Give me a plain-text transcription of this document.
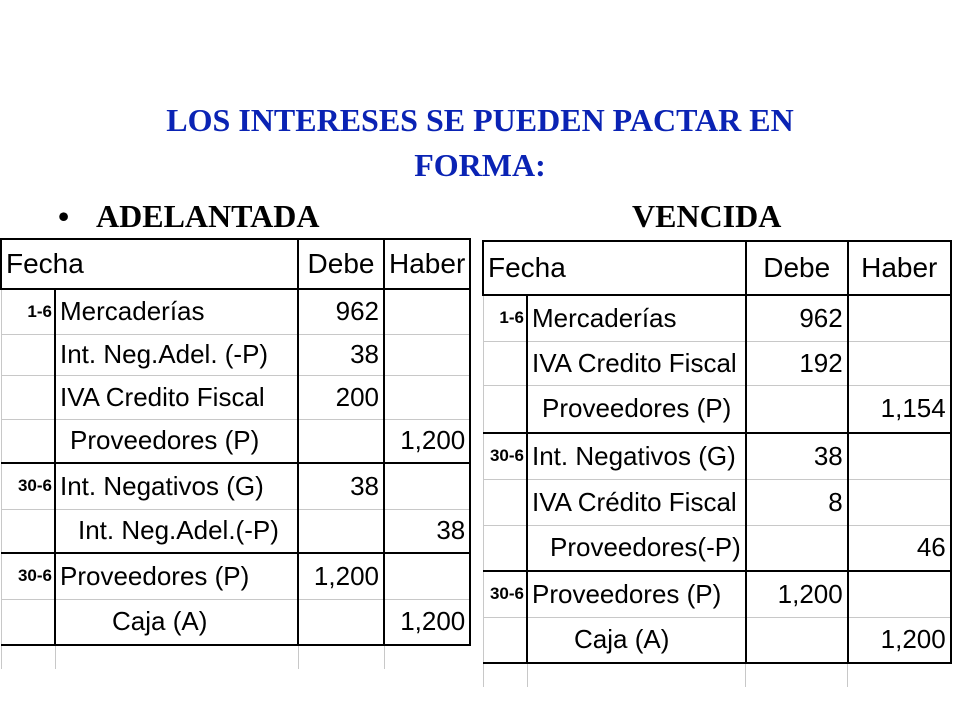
LOS INTERESES SE PUEDEN PACTAR EN
FORMA:
• ADELANTADA	VENCIDA
Fecha		Debe	Haber
1-6	Mercaderías	962	
	Int. Neg.Adel. (-P)	38	
	IVA Credito Fiscal	200	
	Proveedores (P)		1,200
30-6	Int. Negativos (G)	38	
	Int. Neg.Adel.(-P)		38
30-6	Proveedores (P)	1,200	
	Caja (A)		1,200

Fecha		Debe	Haber
1-6	Mercaderías	962	
	IVA Credito Fiscal	192	
	Proveedores (P)		1,154
30-6	Int. Negativos (G)	38	
	IVA Crédito Fiscal	8	
	Proveedores(-P)		46
30-6	Proveedores (P)	1,200	
	Caja (A)		1,200
